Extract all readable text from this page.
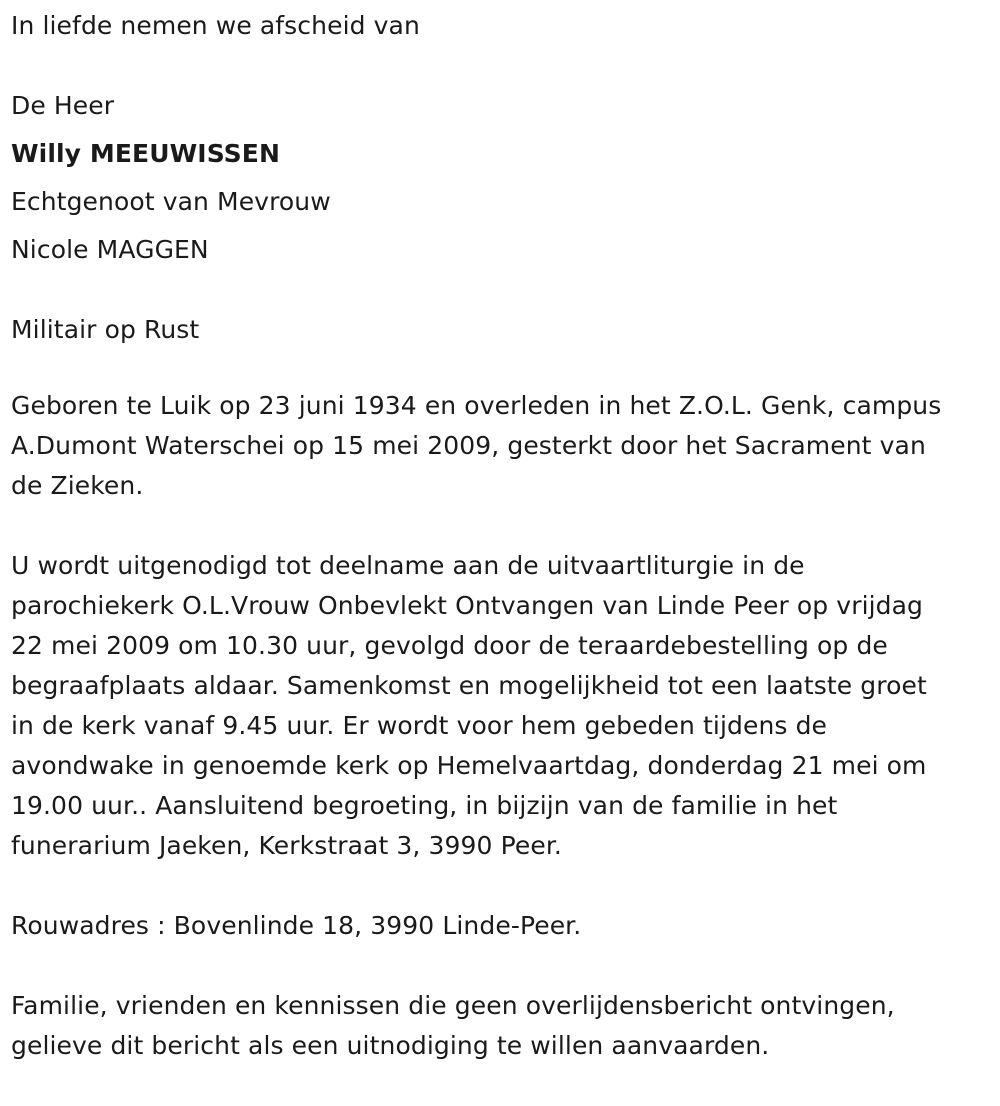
In liefde nemen we afscheid van
De Heer
Willy MEEUWISSEN
Echtgenoot van Mevrouw
Nicole MAGGEN
Militair op Rust
Geboren te Luik op 23 juni 1934 en overleden in het Z.O.L. Genk, campus
A.Dumont Waterschei op 15 mei 2009, gesterkt door het Sacrament van
de Zieken.
U wordt uitgenodigd tot deelname aan de uitvaartliturgie in de
parochiekerk O.L.Vrouw Onbevlekt Ontvangen van Linde Peer op vrijdag
22 mei 2009 om 10.30 uur, gevolgd door de teraardebestelling op de
begraafplaats aldaar. Samenkomst en mogelijkheid tot een laatste groet
in de kerk vanaf 9.45 uur. Er wordt voor hem gebeden tijdens de
avondwake in genoemde kerk op Hemelvaartdag, donderdag 21 mei om
19.00 uur.. Aansluitend begroeting, in bijzijn van de familie in het
funerarium Jaeken, Kerkstraat 3, 3990 Peer.
Rouwadres : Bovenlinde 18, 3990 Linde-Peer.
Familie, vrienden en kennissen die geen overlijdensbericht ontvingen,
gelieve dit bericht als een uitnodiging te willen aanvaarden.
